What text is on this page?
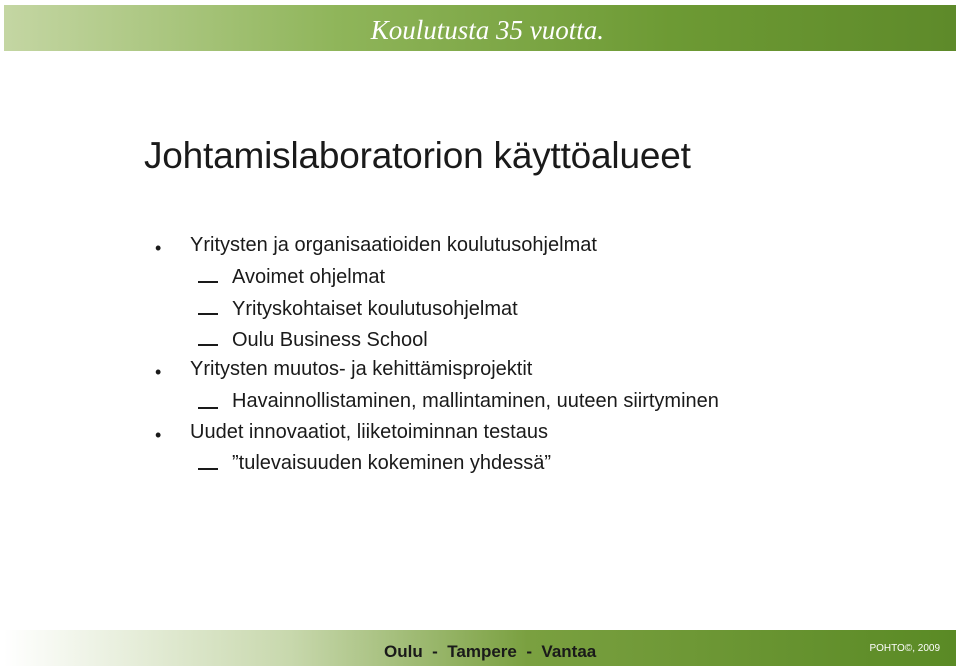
Koulutusta 35 vuotta.
Johtamislaboratorion käyttöalueet
• Yritysten ja organisaatioiden koulutusohjelmat
Avoimet ohjelmat
Yrityskohtaiset koulutusohjelmat
Oulu Business School
• Yritysten muutos- ja kehittämisprojektit
Havainnollistaminen, mallintaminen, uuteen siirtyminen
• Uudet innovaatiot, liiketoiminnan testaus
”tulevaisuuden kokeminen yhdessä”
Oulu  -  Tampere  -  Vantaa	POHTO©, 2009
